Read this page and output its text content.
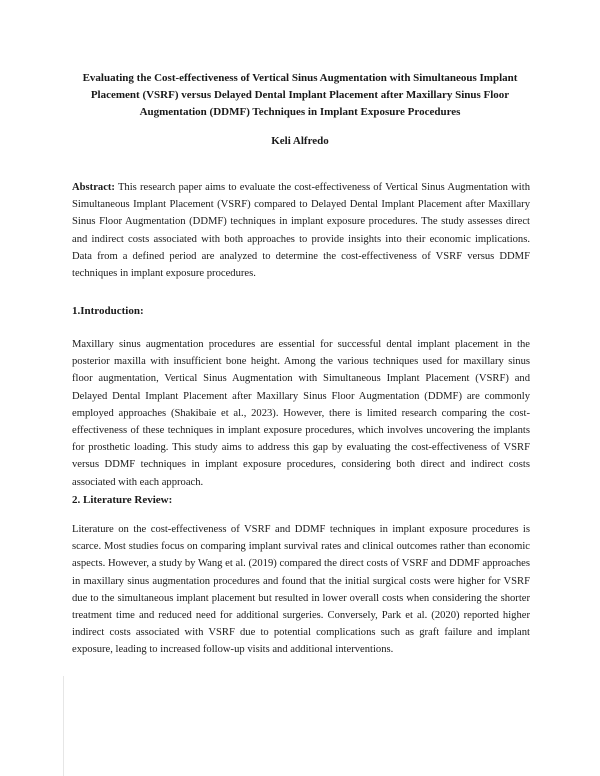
Evaluating the Cost-effectiveness of Vertical Sinus Augmentation with Simultaneous Implant Placement (VSRF) versus Delayed Dental Implant Placement after Maxillary Sinus Floor Augmentation (DDMF) Techniques in Implant Exposure Procedures

Keli Alfredo

Abstract: This research paper aims to evaluate the cost-effectiveness of Vertical Sinus Augmentation with Simultaneous Implant Placement (VSRF) compared to Delayed Dental Implant Placement after Maxillary Sinus Floor Augmentation (DDMF) techniques in implant exposure procedures. The study assesses direct and indirect costs associated with both approaches to provide insights into their economic implications. Data from a defined period are analyzed to determine the cost-effectiveness of VSRF versus DDMF techniques in implant exposure procedures.

1.Introduction:

Maxillary sinus augmentation procedures are essential for successful dental implant placement in the posterior maxilla with insufficient bone height. Among the various techniques used for maxillary sinus floor augmentation, Vertical Sinus Augmentation with Simultaneous Implant Placement (VSRF) and Delayed Dental Implant Placement after Maxillary Sinus Floor Augmentation (DDMF) are commonly employed approaches (Shakibaie et al., 2023). However, there is limited research comparing the cost-effectiveness of these techniques in implant exposure procedures, which involves uncovering the implants for prosthetic loading. This study aims to address this gap by evaluating the cost-effectiveness of VSRF versus DDMF techniques in implant exposure procedures, considering both direct and indirect costs associated with each approach.

2. Literature Review:

Literature on the cost-effectiveness of VSRF and DDMF techniques in implant exposure procedures is scarce. Most studies focus on comparing implant survival rates and clinical outcomes rather than economic aspects. However, a study by Wang et al. (2019) compared the direct costs of VSRF and DDMF approaches in maxillary sinus augmentation procedures and found that the initial surgical costs were higher for VSRF due to the simultaneous implant placement but resulted in lower overall costs when considering the shorter treatment time and reduced need for additional surgeries. Conversely, Park et al. (2020) reported higher indirect costs associated with VSRF due to potential complications such as graft failure and implant exposure, leading to increased follow-up visits and additional interventions.
